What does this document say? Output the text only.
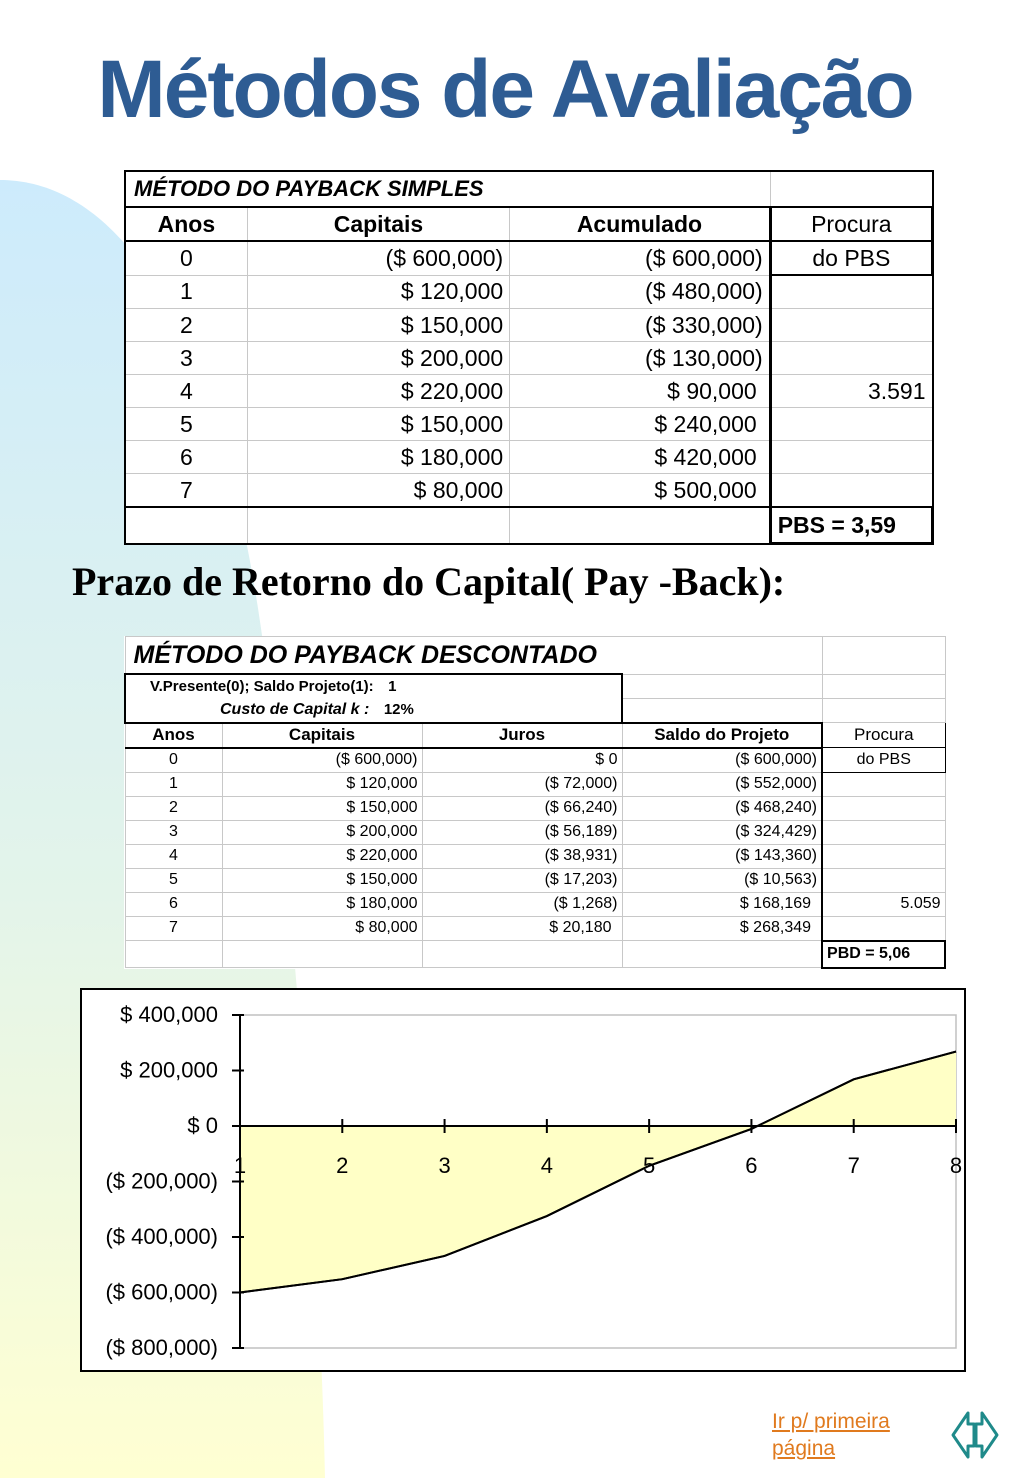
Métodos de Avaliação
MÉTODO DO PAYBACK SIMPLES			
Anos	Capitais	Acumulado	Procura
0	($ 600,000)	($ 600,000)	do PBS
1	$ 120,000	($ 480,000)	
2	$ 150,000	($ 330,000)	
3	$ 200,000	($ 130,000)	
4	$ 220,000	$ 90,000	3.591
5	$ 150,000	$ 240,000	
6	$ 180,000	$ 420,000	
7	$ 80,000	$ 500,000	
			PBS = 3,59
Prazo de Retorno do Capital( Pay -Back):
MÉTODO DO PAYBACK DESCONTADO				
V.Presente(0); Saldo Projeto(1): 1				
Custo de Capital k : 12%				
Anos	Capitais	Juros	Saldo do Projeto	Procura
0	($ 600,000)	$ 0	($ 600,000)	do PBS
1	$ 120,000	($ 72,000)	($ 552,000)	
2	$ 150,000	($ 66,240)	($ 468,240)	
3	$ 200,000	($ 56,189)	($ 324,429)	
4	$ 220,000	($ 38,931)	($ 143,360)	
5	$ 150,000	($ 17,203)	($ 10,563)	
6	$ 180,000	($ 1,268)	$ 168,169	5.059
7	$ 80,000	$ 20,180	$ 268,349	
				PBD = 5,06
$ 400,000
$ 200,000
$ 0
($ 200,000)
($ 400,000)
($ 600,000)
($ 800,000)
1	2	3	4	5	6	7	8
Ir p/ primeira página
